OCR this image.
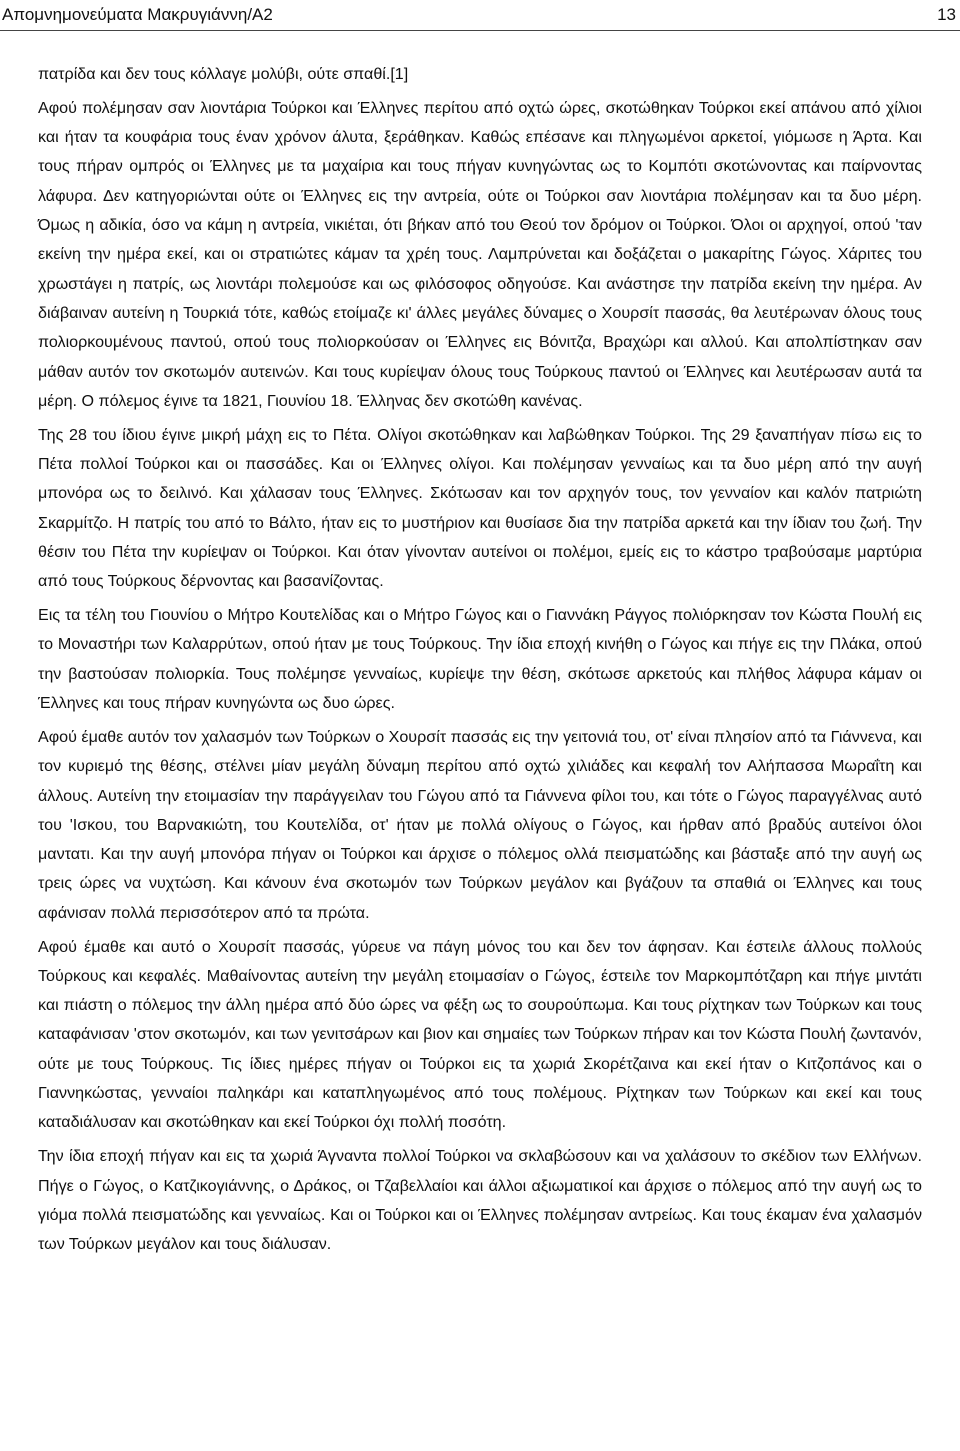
Απομνημονεύματα Μακρυγιάννη/Α2	13

πατρίδα και δεν τους κόλλαγε μολύβι, ούτε σπαθί.[1]

Αφού πολέμησαν σαν λιοντάρια Τούρκοι και Έλληνες περίτου από οχτώ ώρες, σκοτώθηκαν Τούρκοι εκεί απάνου από χίλιοι και ήταν τα κουφάρια τους έναν χρόνον άλυτα, ξεράθηκαν. Καθώς επέσανε και πληγωμένοι αρκετοί, γιόμωσε η Άρτα. Και τους πήραν ομπρός οι Έλληνες με τα μαχαίρια και τους πήγαν κυνηγώντας ως το Κομπότι σκοτώνοντας και παίρνοντας λάφυρα. Δεν κατηγοριώνται ούτε οι Έλληνες εις την αντρεία, ούτε οι Τούρκοι σαν λιοντάρια πολέμησαν και τα δυο μέρη. Όμως η αδικία, όσο να κάμη η αντρεία, νικιέται, ότι βήκαν από του Θεού τον δρόμον οι Τούρκοι. Όλοι οι αρχηγοί, οπού 'ταν εκείνη την ημέρα εκεί, και οι στρατιώτες κάμαν τα χρέη τους. Λαμπρύνεται και δοξάζεται ο μακαρίτης Γώγος. Χάριτες του χρωστάγει η πατρίς, ως λιοντάρι πολεμούσε και ως φιλόσοφος οδηγούσε. Και ανάστησε την πατρίδα εκείνη την ημέρα. Αν διάβαιναν αυτείνη η Τουρκιά τότε, καθώς ετοίμαζε κι' άλλες μεγάλες δύναμες ο Χουρσίτ πασσάς, θα λευτέρωναν όλους τους πολιορκουμένους παντού, οπού τους πολιορκούσαν οι Έλληνες εις Βόνιτζα, Βραχώρι και αλλού. Και απολπίστηκαν σαν μάθαν αυτόν τον σκοτωμόν αυτεινών. Και τους κυρίεψαν όλους τους Τούρκους παντού οι Έλληνες και λευτέρωσαν αυτά τα μέρη. Ο πόλεμος έγινε τα 1821, Γιουνίου 18. Έλληνας δεν σκοτώθη κανένας.

Της 28 του ίδιου έγινε μικρή μάχη εις το Πέτα. Ολίγοι σκοτώθηκαν και λαβώθηκαν Τούρκοι. Της 29 ξαναπήγαν πίσω εις το Πέτα πολλοί Τούρκοι και οι πασσάδες. Και οι Έλληνες ολίγοι. Και πολέμησαν γενναίως και τα δυο μέρη από την αυγή μπονόρα ως το δειλινό. Και χάλασαν τους Έλληνες. Σκότωσαν και τον αρχηγόν τους, τον γενναίον και καλόν πατριώτη Σκαρμίτζο. Η πατρίς του από το Βάλτο, ήταν εις το μυστήριον και θυσίασε δια την πατρίδα αρκετά και την ίδιαν του ζωή. Την θέσιν του Πέτα την κυρίεψαν οι Τούρκοι. Και όταν γίνονταν αυτείνοι οι πολέμοι, εμείς εις το κάστρο τραβούσαμε μαρτύρια από τους Τούρκους δέρνοντας και βασανίζοντας.

Εις τα τέλη του Γιουνίου ο Μήτρο Κουτελίδας και ο Μήτρο Γώγος και ο Γιαννάκη Ράγγος πολιόρκησαν τον Κώστα Πουλή εις το Μοναστήρι των Καλαρρύτων, οπού ήταν με τους Τούρκους. Την ίδια εποχή κινήθη ο Γώγος και πήγε εις την Πλάκα, οπού την βαστούσαν πολιορκία. Τους πολέμησε γενναίως, κυρίεψε την θέση, σκότωσε αρκετούς και πλήθος λάφυρα κάμαν οι Έλληνες και τους πήραν κυνηγώντα ως δυο ώρες.

Αφού έμαθε αυτόν τον χαλασμόν των Τούρκων ο Χουρσίτ πασσάς εις την γειτονιά του, οτ' είναι πλησίον από τα Γιάννενα, και τον κυριεμό της θέσης, στέλνει μίαν μεγάλη δύναμη περίτου από οχτώ χιλιάδες και κεφαλή τον Αλήπασσα Μωραΐτη και άλλους. Αυτείνη την ετοιμασίαν την παράγγειλαν του Γώγου από τα Γιάννενα φίλοι του, και τότε ο Γώγος παραγγέλνας αυτό του 'Ισκου, του Βαρνακιώτη, του Κουτελίδα, οτ' ήταν με πολλά ολίγους ο Γώγος, και ήρθαν από βραδύς αυτείνοι όλοι μαντατι. Και την αυγή μπονόρα πήγαν οι Τούρκοι και άρχισε ο πόλεμος ολλά πεισματώδης και βάσταξε από την αυγή ως τρεις ώρες να νυχτώση. Και κάνουν ένα σκοτωμόν των Τούρκων μεγάλον και βγάζουν τα σπαθιά οι Έλληνες και τους αφάνισαν πολλά περισσότερον από τα πρώτα.

Αφού έμαθε και αυτό ο Χουρσίτ πασσάς, γύρευε να πάγη μόνος του και δεν τον άφησαν. Και έστειλε άλλους πολλούς Τούρκους και κεφαλές. Μαθαίνοντας αυτείνη την μεγάλη ετοιμασίαν ο Γώγος, έστειλε τον Μαρκομπότζαρη και πήγε μιντάτι και πιάστη ο πόλεμος την άλλη ημέρα από δύο ώρες να φέξη ως το σουρούπωμα. Και τους ρίχτηκαν των Τούρκων και τους καταφάνισαν 'στον σκοτωμόν, και των γενιτσάρων και βιον και σημαίες των Τούρκων πήραν και τον Κώστα Πουλή ζωντανόν, ούτε με τους Τούρκους. Τις ίδιες ημέρες πήγαν οι Τούρκοι εις τα χωριά Σκορέτζαινα και εκεί ήταν ο Κιτζοπάνος και ο Γιαννηκώστας, γενναίοι παληκάρι και καταπληγωμένος από τους πολέμους. Ρίχτηκαν των Τούρκων και εκεί και τους καταδιάλυσαν και σκοτώθηκαν και εκεί Τούρκοι όχι πολλή ποσότη.

Την ίδια εποχή πήγαν και εις τα χωριά Άγναντα πολλοί Τούρκοι να σκλαβώσουν και να χαλάσουν το σκέδιον των Ελλήνων. Πήγε ο Γώγος, ο Κατζικογιάννης, ο Δράκος, οι Τζαβελλαίοι και άλλοι αξιωματικοί και άρχισε ο πόλεμος από την αυγή ως το γιόμα πολλά πεισματώδης και γενναίως. Και οι Τούρκοι και οι Έλληνες πολέμησαν αντρείως. Και τους έκαμαν ένα χαλασμόν των Τούρκων μεγάλον και τους διάλυσαν.
